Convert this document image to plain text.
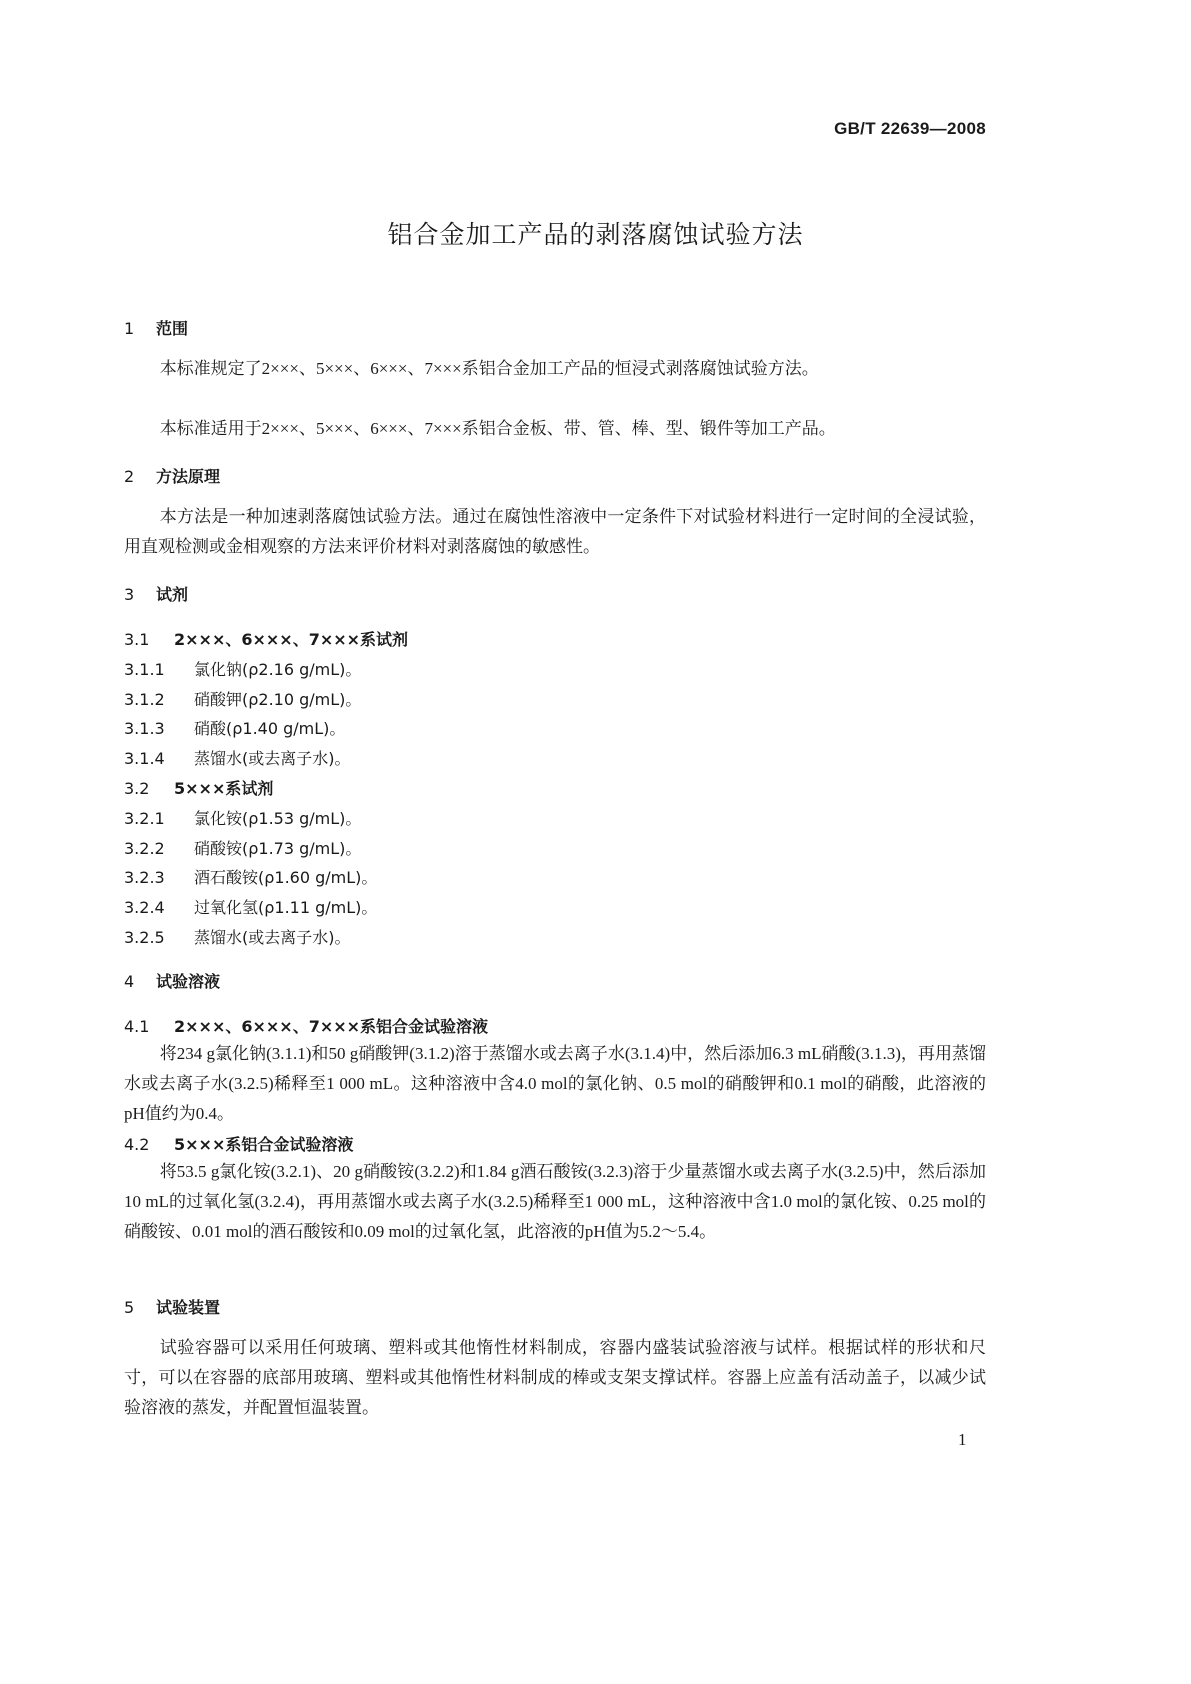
GB/T 22639—2008
铝合金加工产品的剥落腐蚀试验方法
1 范围
本标准规定了2×××、5×××、6×××、7×××系铝合金加工产品的恒浸式剥落腐蚀试验方法。
本标准适用于2×××、5×××、6×××、7×××系铝合金板、带、管、棒、型、锻件等加工产品。
2 方法原理
本方法是一种加速剥落腐蚀试验方法。通过在腐蚀性溶液中一定条件下对试验材料进行一定时间的全浸试验，用直观检测或金相观察的方法来评价材料对剥落腐蚀的敏感性。
3 试剂
3.1 2×××、6×××、7×××系试剂
3.1.1 氯化钠(ρ2.16 g/mL)。
3.1.2 硝酸钾(ρ2.10 g/mL)。
3.1.3 硝酸(ρ1.40 g/mL)。
3.1.4 蒸馏水(或去离子水)。
3.2 5×××系试剂
3.2.1 氯化铵(ρ1.53 g/mL)。
3.2.2 硝酸铵(ρ1.73 g/mL)。
3.2.3 酒石酸铵(ρ1.60 g/mL)。
3.2.4 过氧化氢(ρ1.11 g/mL)。
3.2.5 蒸馏水(或去离子水)。
4 试验溶液
4.1 2×××、6×××、7×××系铝合金试验溶液
将234 g氯化钠(3.1.1)和50 g硝酸钾(3.1.2)溶于蒸馏水或去离子水(3.1.4)中，然后添加6.3 mL硝酸(3.1.3)，再用蒸馏水或去离子水(3.2.5)稀释至1 000 mL。这种溶液中含4.0 mol的氯化钠、0.5 mol的硝酸钾和0.1 mol的硝酸，此溶液的pH值约为0.4。
4.2 5×××系铝合金试验溶液
将53.5 g氯化铵(3.2.1)、20 g硝酸铵(3.2.2)和1.84 g酒石酸铵(3.2.3)溶于少量蒸馏水或去离子水(3.2.5)中，然后添加10 mL的过氧化氢(3.2.4)，再用蒸馏水或去离子水(3.2.5)稀释至1 000 mL，这种溶液中含1.0 mol的氯化铵、0.25 mol的硝酸铵、0.01 mol的酒石酸铵和0.09 mol的过氧化氢，此溶液的pH值为5.2～5.4。
5 试验装置
试验容器可以采用任何玻璃、塑料或其他惰性材料制成，容器内盛装试验溶液与试样。根据试样的形状和尺寸，可以在容器的底部用玻璃、塑料或其他惰性材料制成的棒或支架支撑试样。容器上应盖有活动盖子，以减少试验溶液的蒸发，并配置恒温装置。
1
